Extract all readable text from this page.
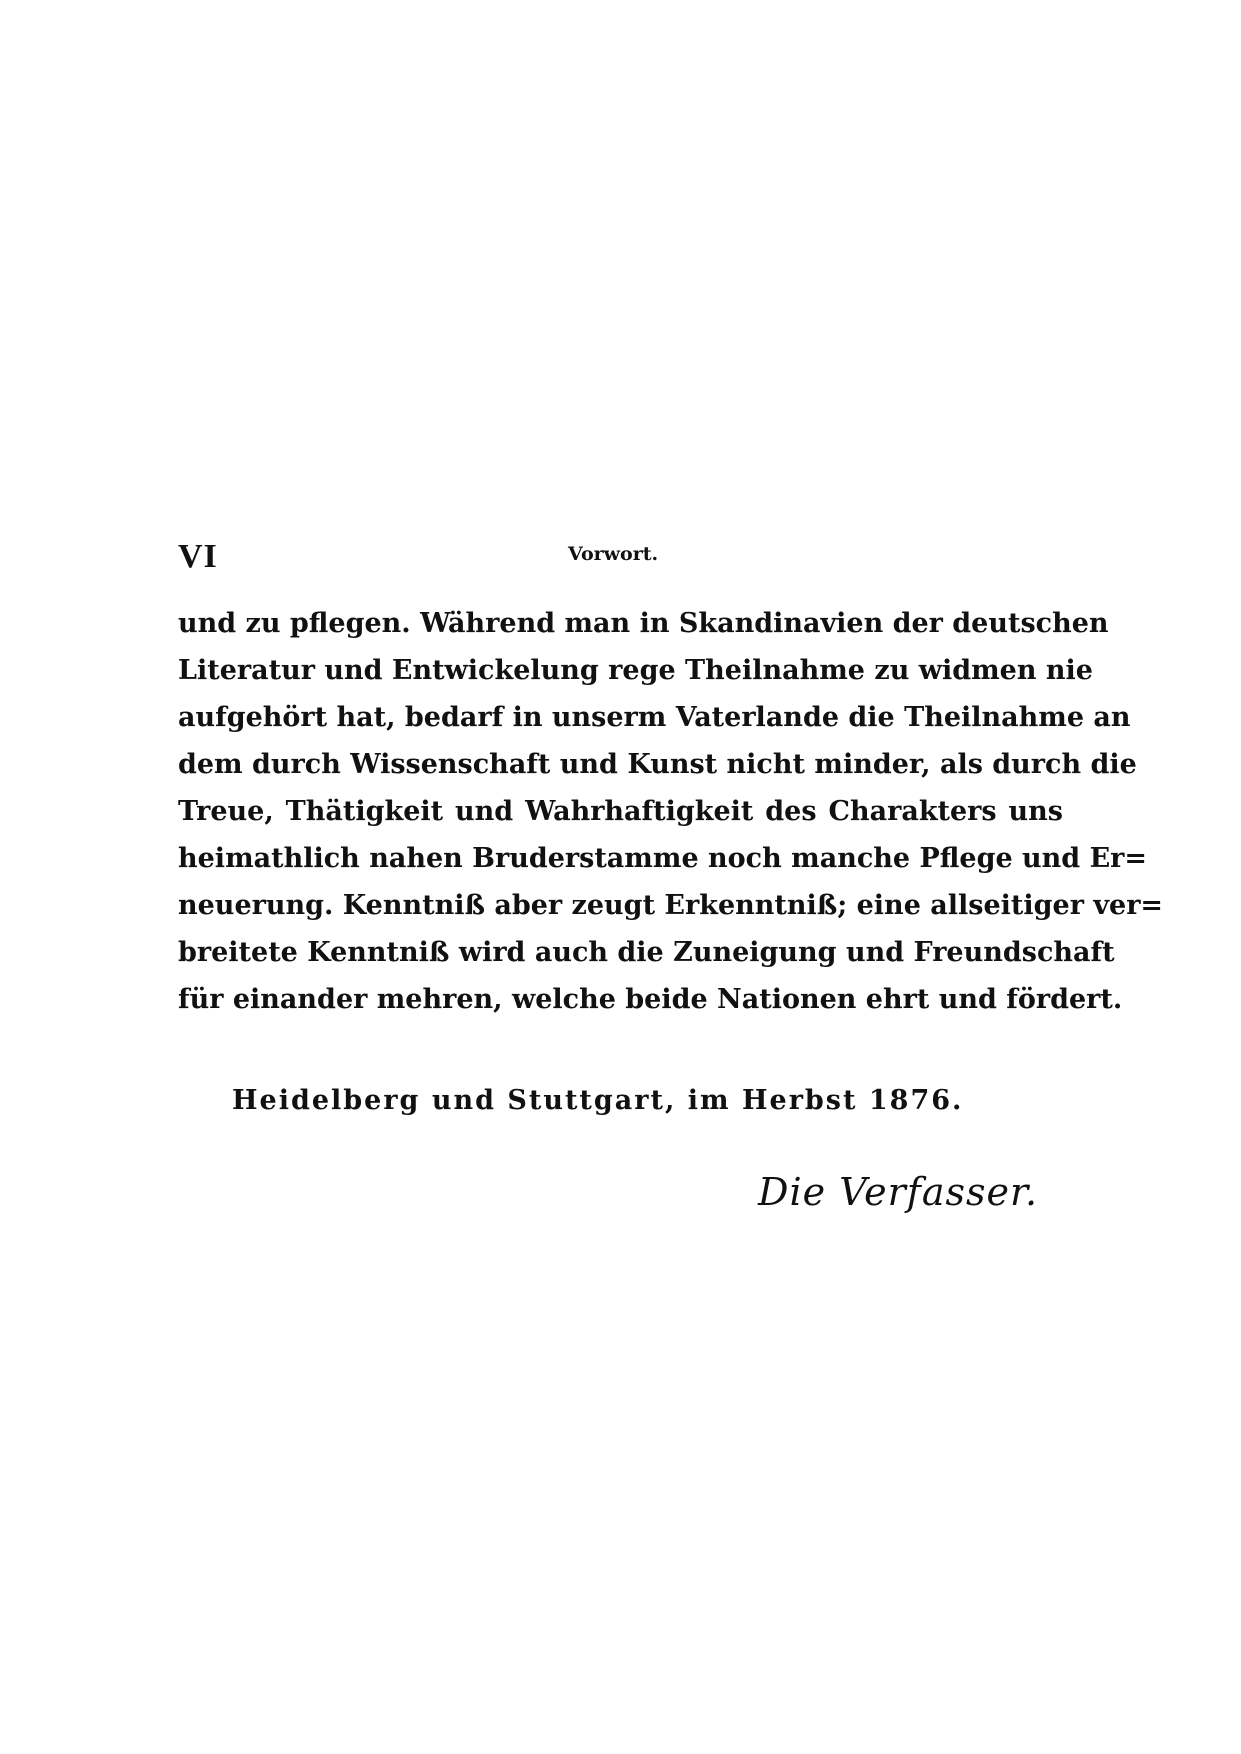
VI	Vorwort.
und zu pflegen. Während man in Skandinavien der deutschen
Literatur und Entwickelung rege Theilnahme zu widmen nie
aufgehört hat, bedarf in unserm Vaterlande die Theilnahme an
dem durch Wissenschaft und Kunst nicht minder, als durch die
Treue, Thätigkeit und Wahrhaftigkeit des Charakters uns
heimathlich nahen Bruderstamme noch manche Pflege und Er=
neuerung. Kenntniß aber zeugt Erkenntniß; eine allseitiger ver=
breitete Kenntniß wird auch die Zuneigung und Freundschaft
für einander mehren, welche beide Nationen ehrt und fördert.
Heidelberg und Stuttgart, im Herbst 1876.
Die Verfasser.
